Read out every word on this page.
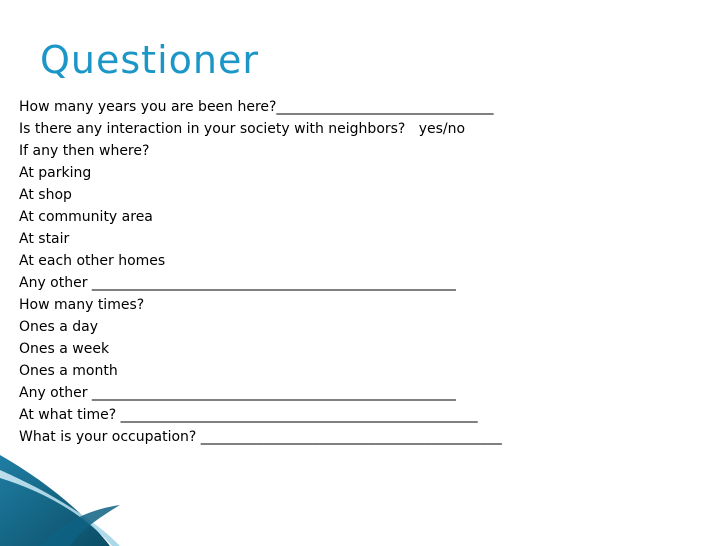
Questioner
How many years you are been here?_______________________________
Is there any interaction in your society with neighbors?   yes/no
If any then where?
At parking
At shop
At community area
At stair
At each other homes
Any other ____________________________________________________
How many times?
Ones a day
Ones a week
Ones a month
Any other ____________________________________________________
At what time? ___________________________________________________
What is your occupation? ___________________________________________
